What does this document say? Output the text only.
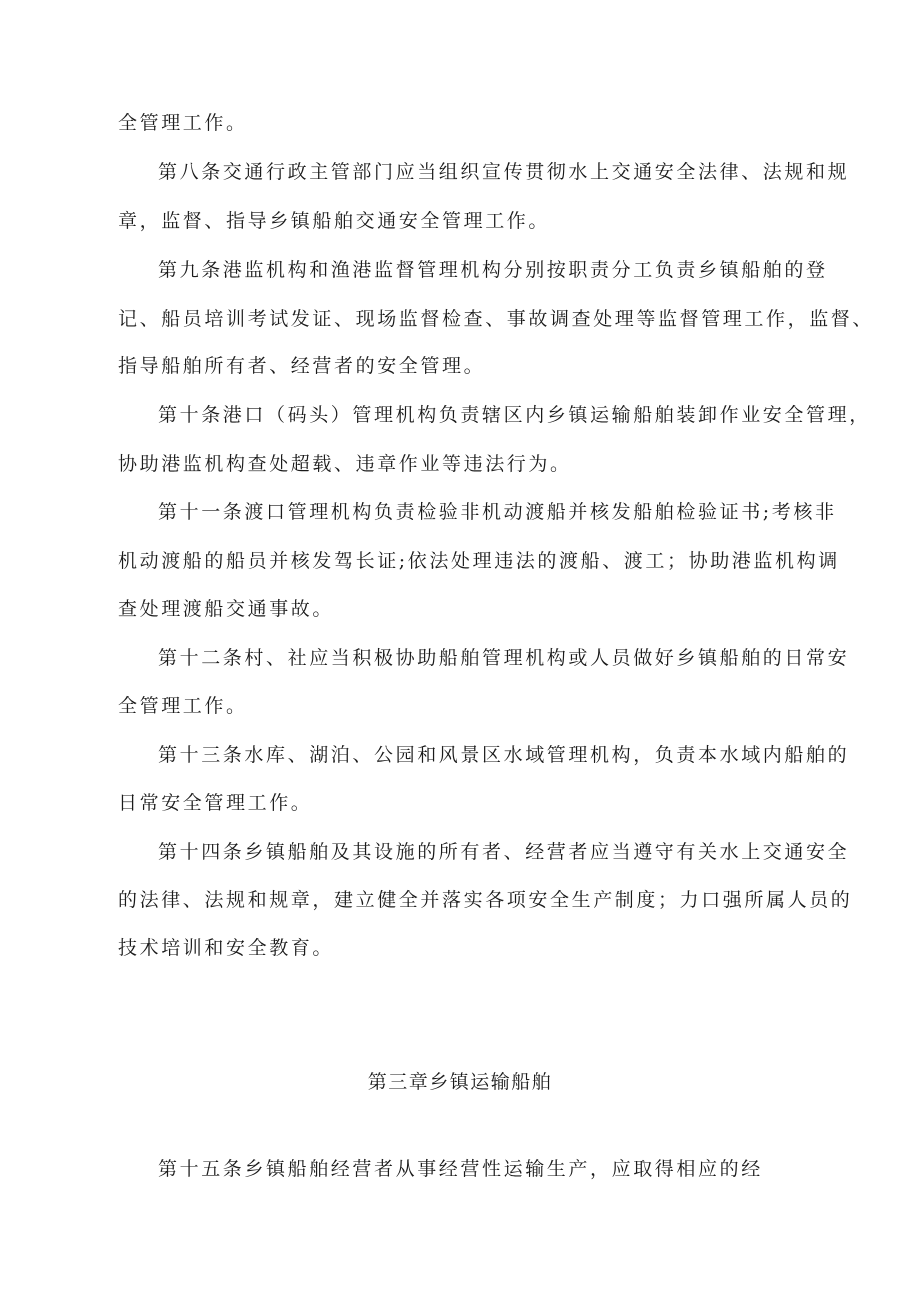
全管理工作。
第八条交通行政主管部门应当组织宣传贯彻水上交通安全法律、法规和规
章，监督、指导乡镇船舶交通安全管理工作。
第九条港监机构和渔港监督管理机构分别按职责分工负责乡镇船舶的登
记、船员培训考试发证、现场监督检查、事故调查处理等监督管理工作，监督、
指导船舶所有者、经营者的安全管理。
第十条港口（码头）管理机构负责辖区内乡镇运输船舶装卸作业安全管理，
协助港监机构查处超载、违章作业等违法行为。
第十一条渡口管理机构负责检验非机动渡船并核发船舶检验证书;考核非
机动渡船的船员并核发驾长证;依法处理违法的渡船、渡工；协助港监机构调
查处理渡船交通事故。
第十二条村、社应当积极协助船舶管理机构或人员做好乡镇船舶的日常安
全管理工作。
第十三条水库、湖泊、公园和风景区水域管理机构，负责本水域内船舶的
日常安全管理工作。
第十四条乡镇船舶及其设施的所有者、经营者应当遵守有关水上交通安全
的法律、法规和规章，建立健全并落实各项安全生产制度；力口强所属人员的
技术培训和安全教育。
第三章乡镇运输船舶
第十五条乡镇船舶经营者从事经营性运输生产，应取得相应的经
